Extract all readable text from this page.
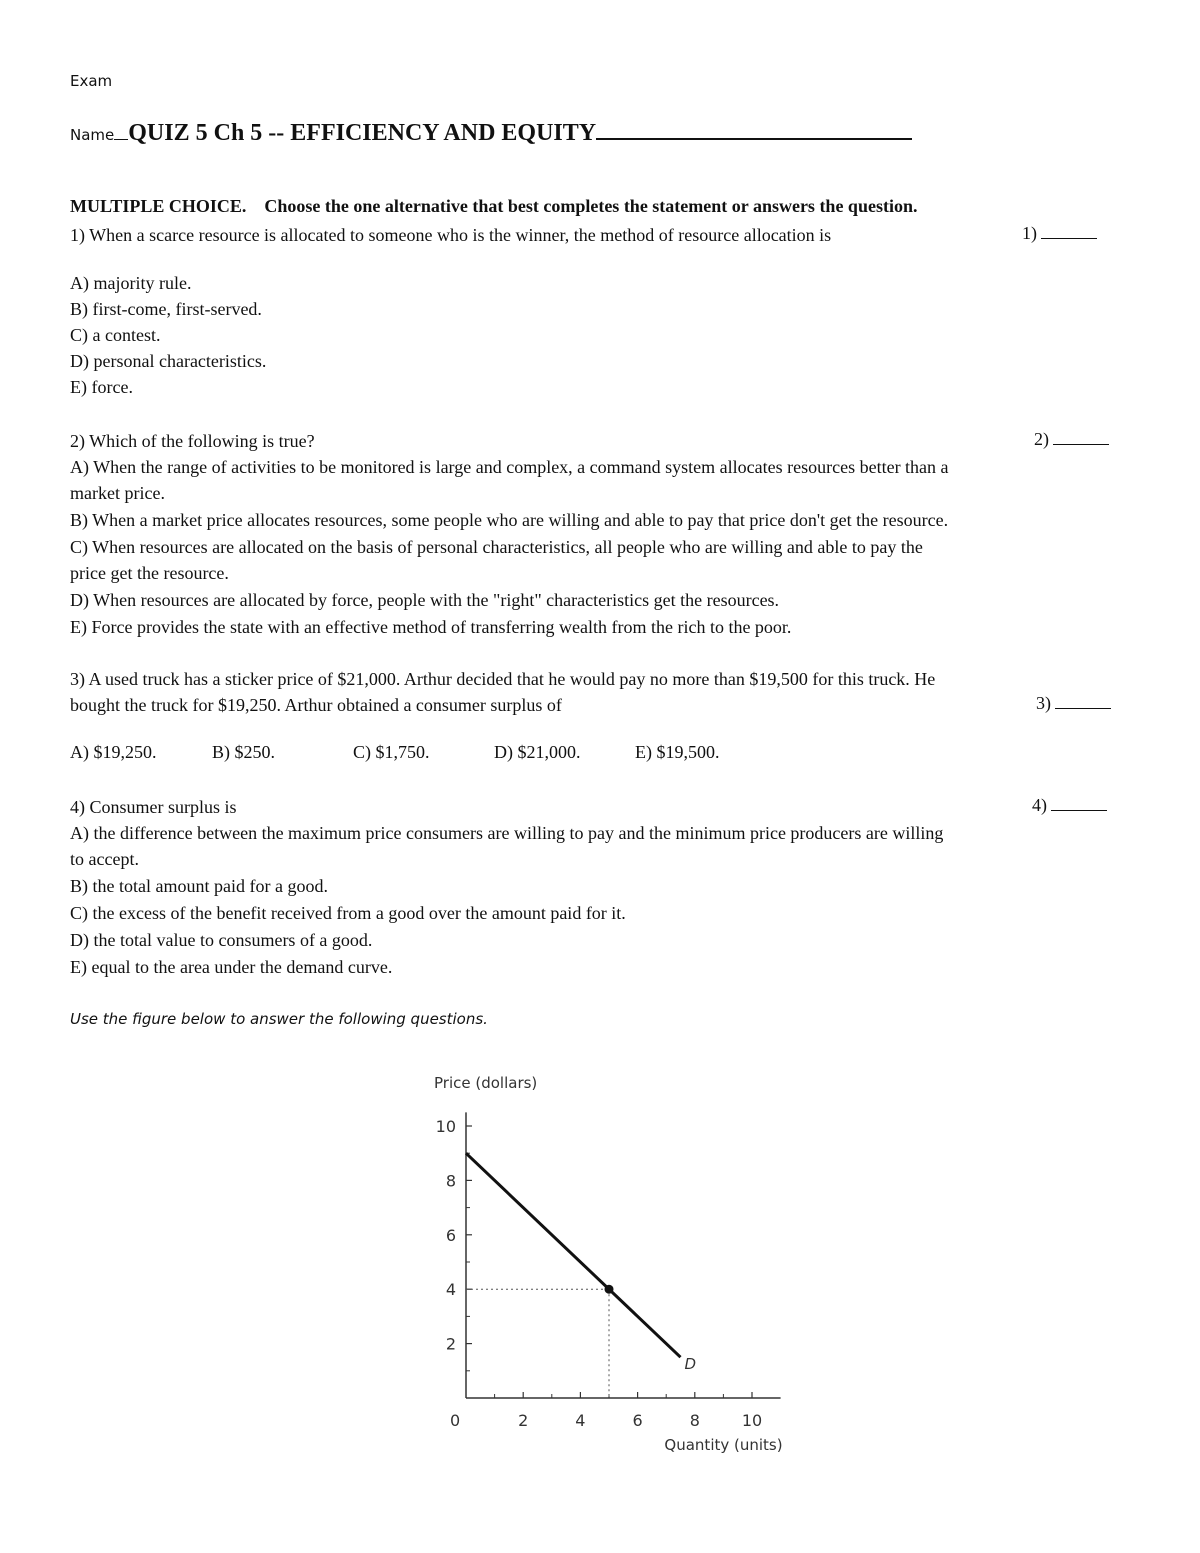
Exam
Name QUIZ 5 Ch 5 -- EFFICIENCY AND EQUITY
MULTIPLE CHOICE. Choose the one alternative that best completes the statement or answers the question.
1) When a scarce resource is allocated to someone who is the winner, the method of resource allocation is	1)
A) majority rule.
B) first-come, first-served.
C) a contest.
D) personal characteristics.
E) force.
2) Which of the following is true?	2)
A) When the range of activities to be monitored is large and complex, a command system allocates resources better than a
market price.
B) When a market price allocates resources, some people who are willing and able to pay that price don't get the resource.
C) When resources are allocated on the basis of personal characteristics, all people who are willing and able to pay the
price get the resource.
D) When resources are allocated by force, people with the "right" characteristics get the resources.
E) Force provides the state with an effective method of transferring wealth from the rich to the poor.
3) A used truck has a sticker price of $21,000. Arthur decided that he would pay no more than $19,500 for this truck. He
bought the truck for $19,250. Arthur obtained a consumer surplus of	3)
A) $19,250.	B) $250.	C) $1,750.	D) $21,000.	E) $19,500.
4) Consumer surplus is	4)
A) the difference between the maximum price consumers are willing to pay and the minimum price producers are willing
to accept.
B) the total amount paid for a good.
C) the excess of the benefit received from a good over the amount paid for it.
D) the total value to consumers of a good.
E) equal to the area under the demand curve.
Use the figure below to answer the following questions.
Price (dollars)
2
4
6
8
10
0	2	4	6	8	10
D
Quantity (units)
